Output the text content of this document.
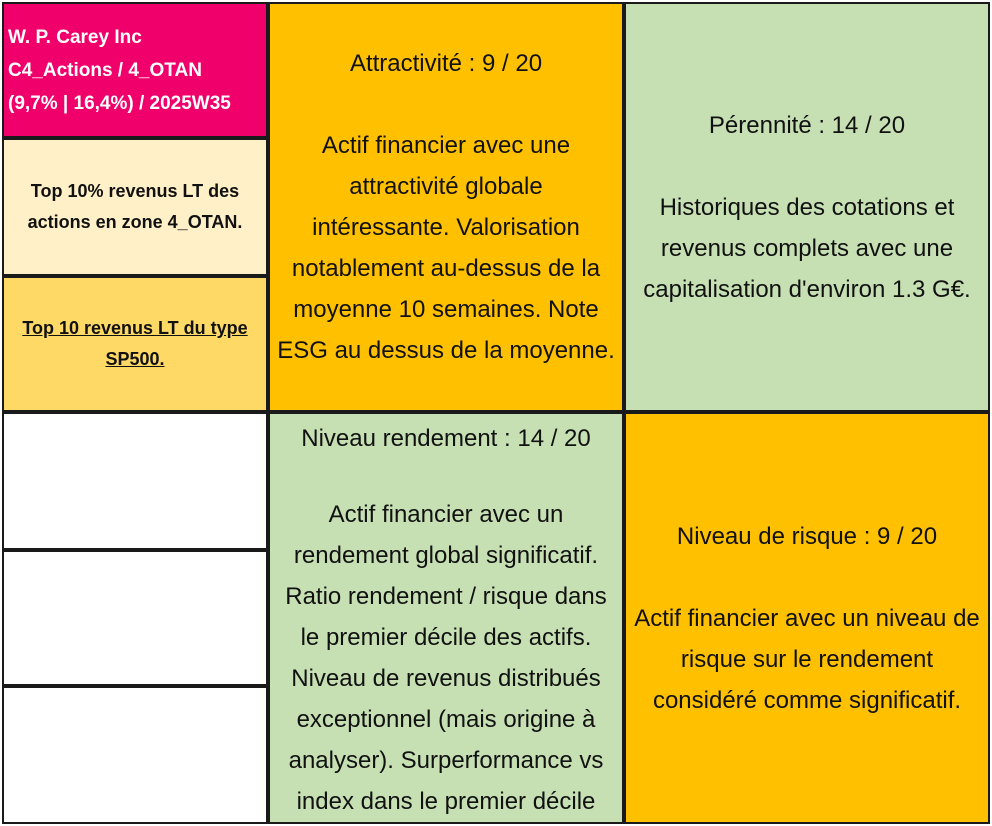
W. P. Carey Inc
C4_Actions / 4_OTAN
(9,7% | 16,4%) / 2025W35
Top 10% revenus LT des
actions en zone 4_OTAN.
Top 10 revenus LT du type
SP500.
Attractivité : 9 / 20
Actif financier avec une
attractivité globale
intéressante. Valorisation
notablement au-dessus de la
moyenne 10 semaines. Note
ESG au dessus de la moyenne.
Pérennité : 14 / 20
Historiques des cotations et
revenus complets avec une
capitalisation d'environ 1.3 G€.
Niveau rendement : 14 / 20
Actif financier avec un
rendement global significatif.
Ratio rendement / risque dans
le premier décile des actifs.
Niveau de revenus distribués
exceptionnel (mais origine à
analyser). Surperformance vs
index dans le premier décile
Niveau de risque : 9 / 20
Actif financier avec un niveau de
risque sur le rendement
considéré comme significatif.
